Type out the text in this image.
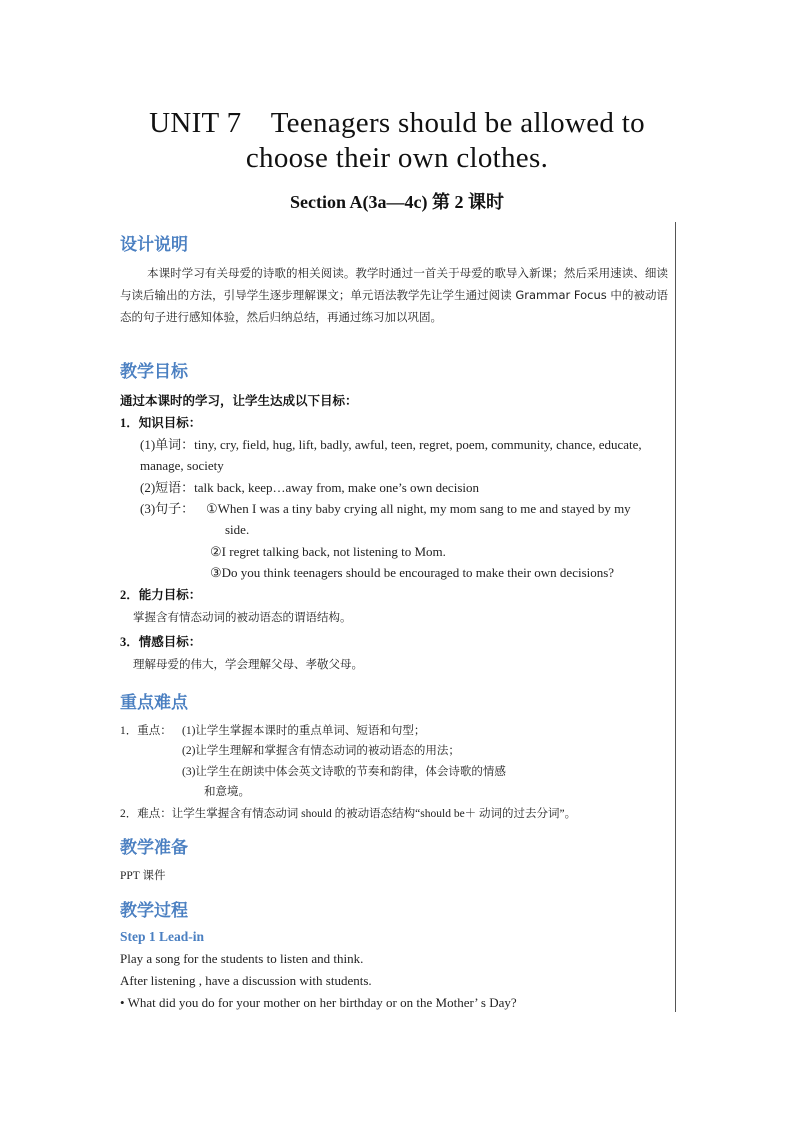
UNIT 7　Teenagers should be allowed to
choose their own clothes.
Section A(3a—4c) 第 2 课时
设计说明
本课时学习有关母爱的诗歌的相关阅读。教学时通过一首关于母爱的歌导入新课；然后采用速读、细读与读后输出的方法，引导学生逐步理解课文；单元语法教学先让学生通过阅读 Grammar Focus 中的被动语态的句子进行感知体验，然后归纳总结，再通过练习加以巩固。
教学目标
通过本课时的学习，让学生达成以下目标：
1．知识目标：
(1)单词：tiny, cry, field, hug, lift, badly, awful, teen, regret, poem, community, chance, educate,
manage, society
(2)短语：talk back, keep…away from, make one’s own decision
(3)句子： ①When I was a tiny baby crying all night, my mom sang to me and stayed by my
side.
②I regret talking back, not listening to Mom.
③Do you think teenagers should be encouraged to make their own decisions?
2．能力目标：
掌握含有情态动词的被动语态的谓语结构。
3．情感目标：
理解母爱的伟大，学会理解父母、孝敬父母。
重点难点
1．重点： (1)让学生掌握本课时的重点单词、短语和句型；
(2)让学生理解和掌握含有情态动词的被动语态的用法；
(3)让学生在朗读中体会英文诗歌的节奏和韵律，体会诗歌的情感
和意境。
2．难点：让学生掌握含有情态动词 should 的被动语态结构“should be＋ 动词的过去分词”。
教学准备
PPT 课件
教学过程
Step 1 Lead-in
Play a song for the students to listen and think.
After listening , have a discussion with students.
• What did you do for your mother on her birthday or on the Mother’ s Day?
